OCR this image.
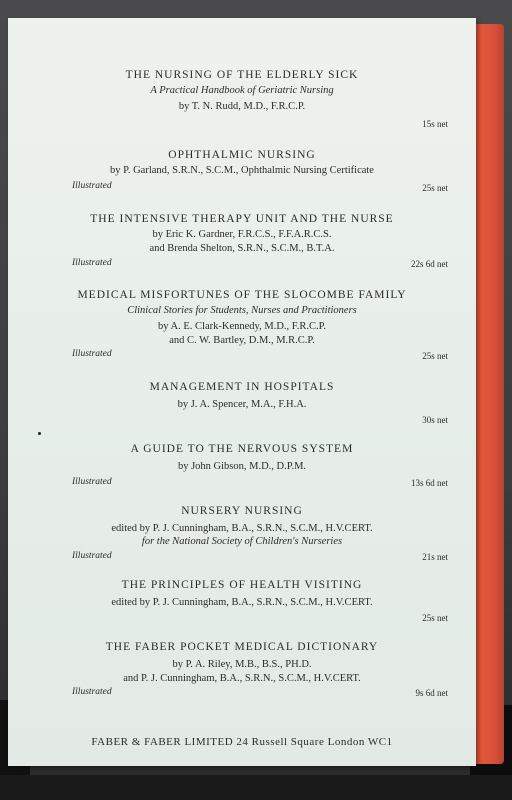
THE NURSING OF THE ELDERLY SICK
A Practical Handbook of Geriatric Nursing
by T. N. Rudd, M.D., F.R.C.P.
15s net
OPHTHALMIC NURSING
by P. Garland, S.R.N., S.C.M., Ophthalmic Nursing Certificate
Illustrated	25s net
THE INTENSIVE THERAPY UNIT AND THE NURSE
by Eric K. Gardner, F.R.C.S., F.F.A.R.C.S.
and Brenda Shelton, S.R.N., S.C.M., B.T.A.
Illustrated	22s 6d net
MEDICAL MISFORTUNES OF THE SLOCOMBE FAMILY
Clinical Stories for Students, Nurses and Practitioners
by A. E. Clark-Kennedy, M.D., F.R.C.P.
and C. W. Bartley, D.M., M.R.C.P.
Illustrated	25s net
MANAGEMENT IN HOSPITALS
by J. A. Spencer, M.A., F.H.A.
30s net
A GUIDE TO THE NERVOUS SYSTEM
by John Gibson, M.D., D.P.M.
Illustrated	13s 6d net
NURSERY NURSING
edited by P. J. Cunningham, B.A., S.R.N., S.C.M., H.V.CERT.
for the National Society of Children's Nurseries
Illustrated	21s net
THE PRINCIPLES OF HEALTH VISITING
edited by P. J. Cunningham, B.A., S.R.N., S.C.M., H.V.CERT.
25s net
THE FABER POCKET MEDICAL DICTIONARY
by P. A. Riley, M.B., B.S., PH.D.
and P. J. Cunningham, B.A., S.R.N., S.C.M., H.V.CERT.
Illustrated	9s 6d net
FABER & FABER LIMITED 24 Russell Square London WC1
